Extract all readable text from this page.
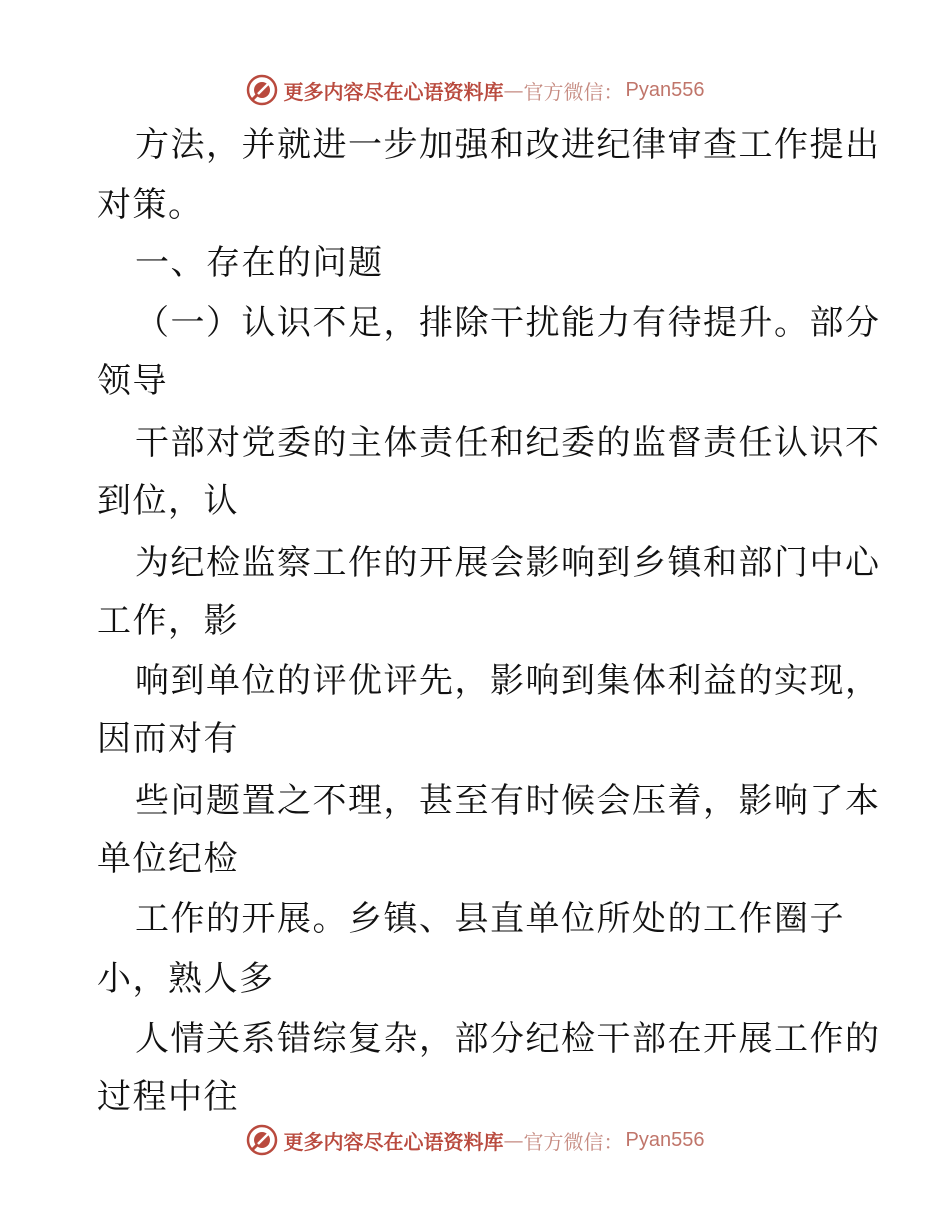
更多内容尽在心语资料库 — 官方微信： Pyan556
方法，并就进一步加强和改进纪律审查工作提出
对策。
一、存在的问题
（一）认识不足，排除干扰能力有待提升。部分
领导
干部对党委的主体责任和纪委的监督责任认识不
到位，认
为纪检监察工作的开展会影响到乡镇和部门中心
工作，影
响到单位的评优评先，影响到集体利益的实现，
因而对有
些问题置之不理，甚至有时候会压着，影响了本
单位纪检
工作的开展。乡镇、县直单位所处的工作圈子
小，熟人多
人情关系错综复杂，部分纪检干部在开展工作的
过程中往
更多内容尽在心语资料库 — 官方微信： Pyan556
